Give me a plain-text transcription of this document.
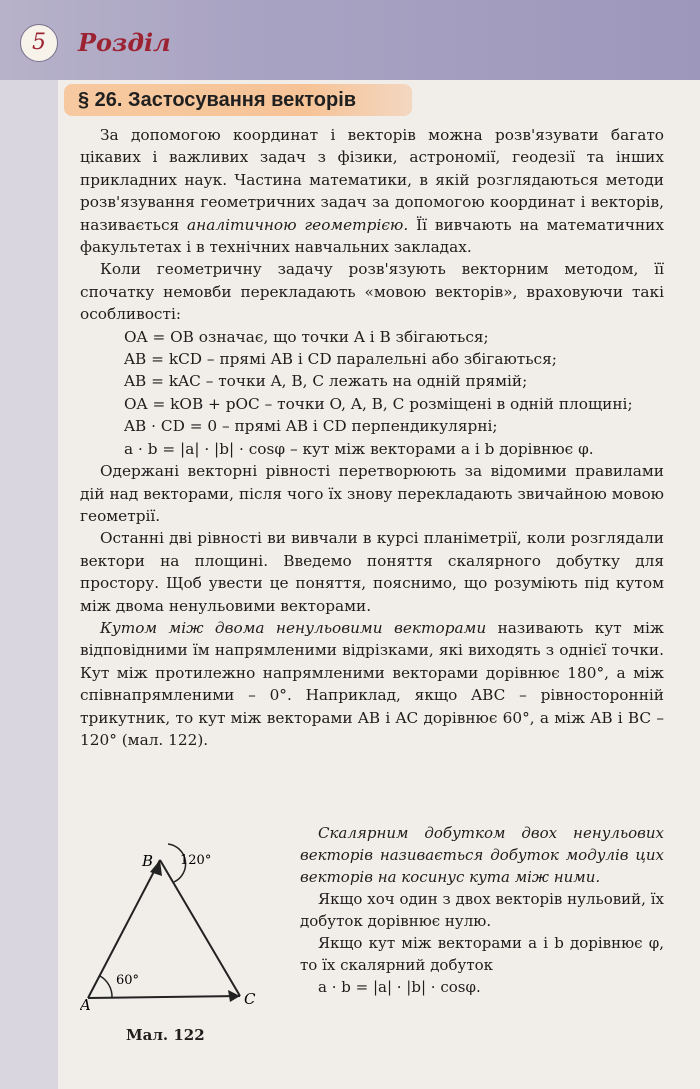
5	Розділ
§ 26. Застосування векторів

За допомогою координат і векторів можна розв'язувати багато цікавих і важливих задач з фізики, астрономії, геодезії та інших прикладних наук. Частина математики, в якій розглядаються методи розв'язування геометричних задач за допомогою координат і векторів, називається аналітичною геометрією. Її вивчають на математичних факультетах і в технічних навчальних закладах.

Коли геометричну задачу розв'язують векторним методом, її спочатку немовби перекладають «мовою векторів», враховуючи такі особливості:

OA = OB означає, що точки A і B збігаються;

AB = kCD – прямі AB і CD паралельні або збігаються;

AB = kAC – точки A, B, C лежать на одній прямій;

OA = kOB + pOC – точки O, A, B, C розміщені в одній площині;

AB · CD = 0 – прямі AB і CD перпендикулярні;

a · b = |a| · |b| · cosφ – кут між векторами a і b дорівнює φ.

Одержані векторні рівності перетворюють за відомими правилами дій над векторами, після чого їх знову перекладають звичайною мовою геометрії.

Останні дві рівності ви вивчали в курсі планіметрії, коли розглядали вектори на площині. Введемо поняття скалярного добутку для простору. Щоб увести це поняття, пояснимо, що розуміють під кутом між двома ненульовими векторами.

Кутом між двома ненульовими векторами називають кут між відповідними їм напрямленими відрізками, які виходять з однієї точки. Кут між протилежно напрямленими векторами дорівнює 180°, а між співнапрямленими – 0°. Наприклад, якщо ABC – рівносторонній трикутник, то кут між векторами AB і AC дорівнює 60°, а між AB і BC – 120° (мал. 122).

A
B
C
60°
120°
Мал. 122

Скалярним добутком двох ненульових векторів називається добуток модулів цих векторів на косинус кута між ними.

Якщо хоч один з двох векторів нульовий, їх добуток дорівнює нулю.

Якщо кут між векторами a і b дорівнює φ, то їх скалярний добуток

a · b = |a| · |b| · cosφ.
